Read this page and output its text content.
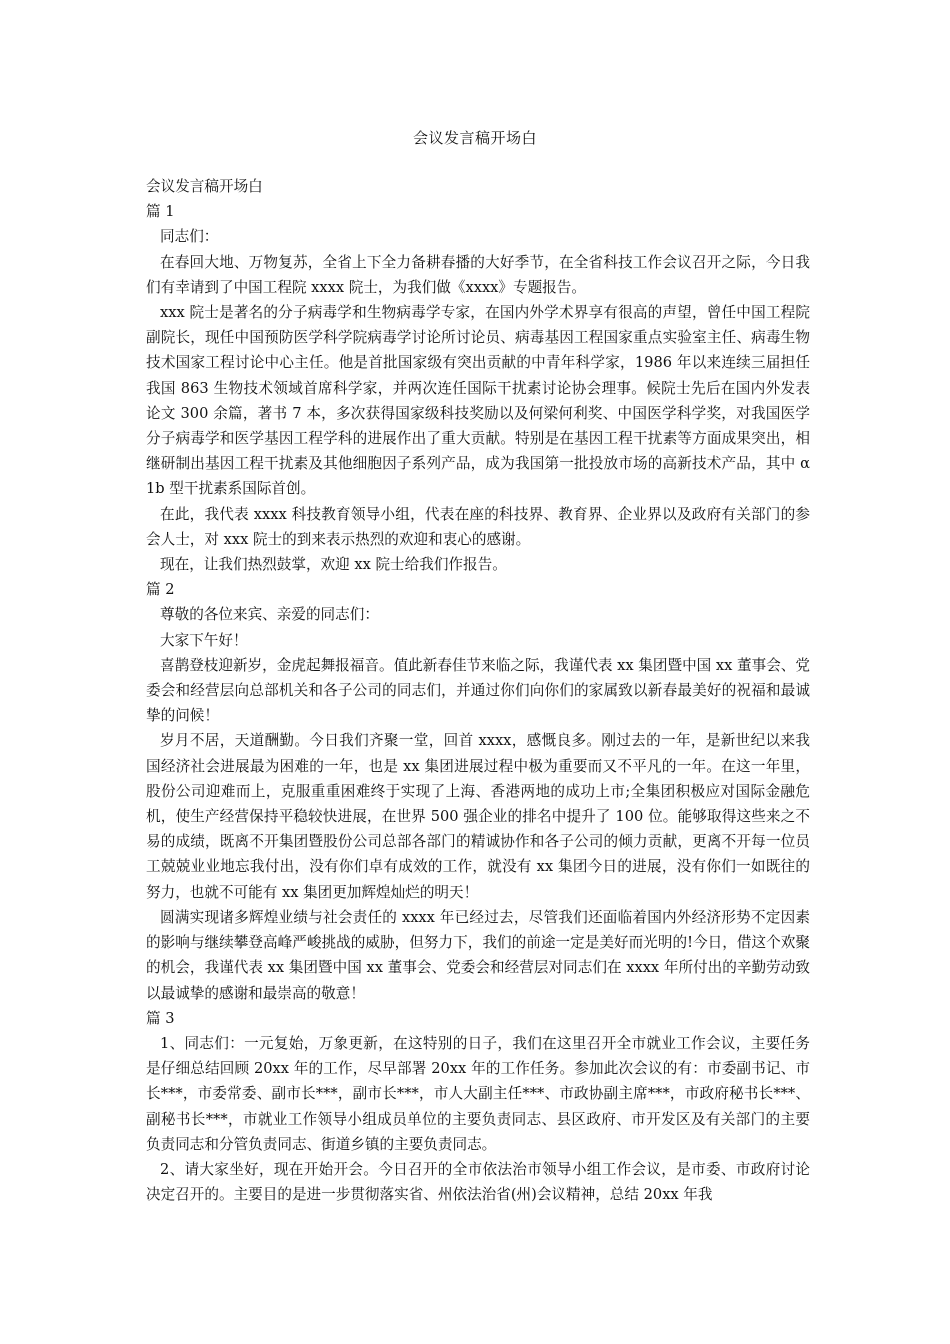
会议发言稿开场白

会议发言稿开场白

篇 1

同志们：

在春回大地、万物复苏，全省上下全力备耕春播的大好季节，在全省科技工作会议召开之际，今日我们有幸请到了中国工程院 xxxx 院士，为我们做《xxxx》专题报告。

xxx 院士是著名的分子病毒学和生物病毒学专家，在国内外学术界享有很高的声望，曾任中国工程院副院长，现任中国预防医学科学院病毒学讨论所讨论员、病毒基因工程国家重点实验室主任、病毒生物技术国家工程讨论中心主任。他是首批国家级有突出贡献的中青年科学家，1986 年以来连续三届担任我国 863 生物技术领域首席科学家，并两次连任国际干扰素讨论协会理事。候院士先后在国内外发表论文 300 余篇，著书 7 本，多次获得国家级科技奖励以及何梁何利奖、中国医学科学奖，对我国医学分子病毒学和医学基因工程学科的进展作出了重大贡献。特别是在基因工程干扰素等方面成果突出，相继研制出基因工程干扰素及其他细胞因子系列产品，成为我国第一批投放市场的高新技术产品，其中 α 1b 型干扰素系国际首创。

在此，我代表 xxxx 科技教育领导小组，代表在座的科技界、教育界、企业界以及政府有关部门的参会人士，对 xxx 院士的到来表示热烈的欢迎和衷心的感谢。

现在，让我们热烈鼓掌，欢迎 xx 院士给我们作报告。

篇 2

尊敬的各位来宾、亲爱的同志们：

大家下午好！

喜鹊登枝迎新岁，金虎起舞报福音。值此新春佳节来临之际，我谨代表 xx 集团暨中国 xx 董事会、党委会和经营层向总部机关和各子公司的同志们，并通过你们向你们的家属致以新春最美好的祝福和最诚挚的问候！

岁月不居，天道酬勤。今日我们齐聚一堂，回首 xxxx，感慨良多。刚过去的一年，是新世纪以来我国经济社会进展最为困难的一年，也是 xx 集团进展过程中极为重要而又不平凡的一年。在这一年里，股份公司迎难而上，克服重重困难终于实现了上海、香港两地的成功上市;全集团积极应对国际金融危机，使生产经营保持平稳较快进展，在世界 500 强企业的排名中提升了 100 位。能够取得这些来之不易的成绩，既离不开集团暨股份公司总部各部门的精诚协作和各子公司的倾力贡献，更离不开每一位员工兢兢业业地忘我付出，没有你们卓有成效的工作，就没有 xx 集团今日的进展，没有你们一如既往的努力，也就不可能有 xx 集团更加辉煌灿烂的明天！

圆满实现诸多辉煌业绩与社会责任的 xxxx 年已经过去，尽管我们还面临着国内外经济形势不定因素的影响与继续攀登高峰严峻挑战的威胁，但努力下，我们的前途一定是美好而光明的!今日，借这个欢聚的机会，我谨代表 xx 集团暨中国 xx 董事会、党委会和经营层对同志们在 xxxx 年所付出的辛勤劳动致以最诚挚的感谢和最崇高的敬意！

篇 3

1、同志们：一元复始，万象更新，在这特别的日子，我们在这里召开全市就业工作会议，主要任务是仔细总结回顾 20xx 年的工作，尽早部署 20xx 年的工作任务。参加此次会议的有：市委副书记、市长***，市委常委、副市长***，副市长***，市人大副主任***、市政协副主席***，市政府秘书长***、副秘书长***，市就业工作领导小组成员单位的主要负责同志、县区政府、市开发区及有关部门的主要负责同志和分管负责同志、街道乡镇的主要负责同志。

2、请大家坐好，现在开始开会。今日召开的全市依法治市领导小组工作会议，是市委、市政府讨论决定召开的。主要目的是进一步贯彻落实省、州依法治省(州)会议精神，总结 20xx 年我
